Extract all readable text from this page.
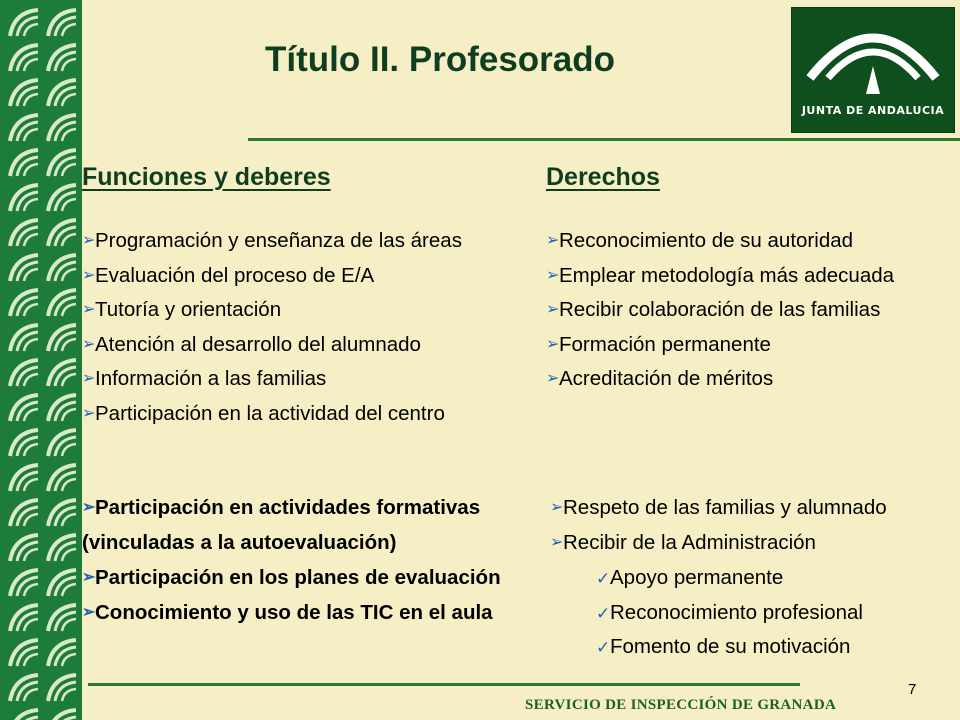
Título II. Profesorado
JUNTA DE ANDALUCIA
Funciones y deberes	Derechos
➢Programación y enseñanza de las áreas
➢Evaluación del proceso de E/A
➢Tutoría y orientación
➢Atención al desarrollo del alumnado
➢Información a las familias
➢Participación en la actividad del centro
➢Reconocimiento de su autoridad
➢Emplear metodología más adecuada
➢Recibir colaboración de las familias
➢Formación permanente
➢Acreditación de méritos
➢Participación en actividades formativas
(vinculadas a la autoevaluación)
➢Participación en los planes de evaluación
➢Conocimiento y uso de las TIC en el aula
➢Respeto de las familias y alumnado
➢Recibir de la Administración
✓Apoyo permanente
✓Reconocimiento profesional
✓Fomento de su motivación
SERVICIO DE INSPECCIÓN DE GRANADA
7
